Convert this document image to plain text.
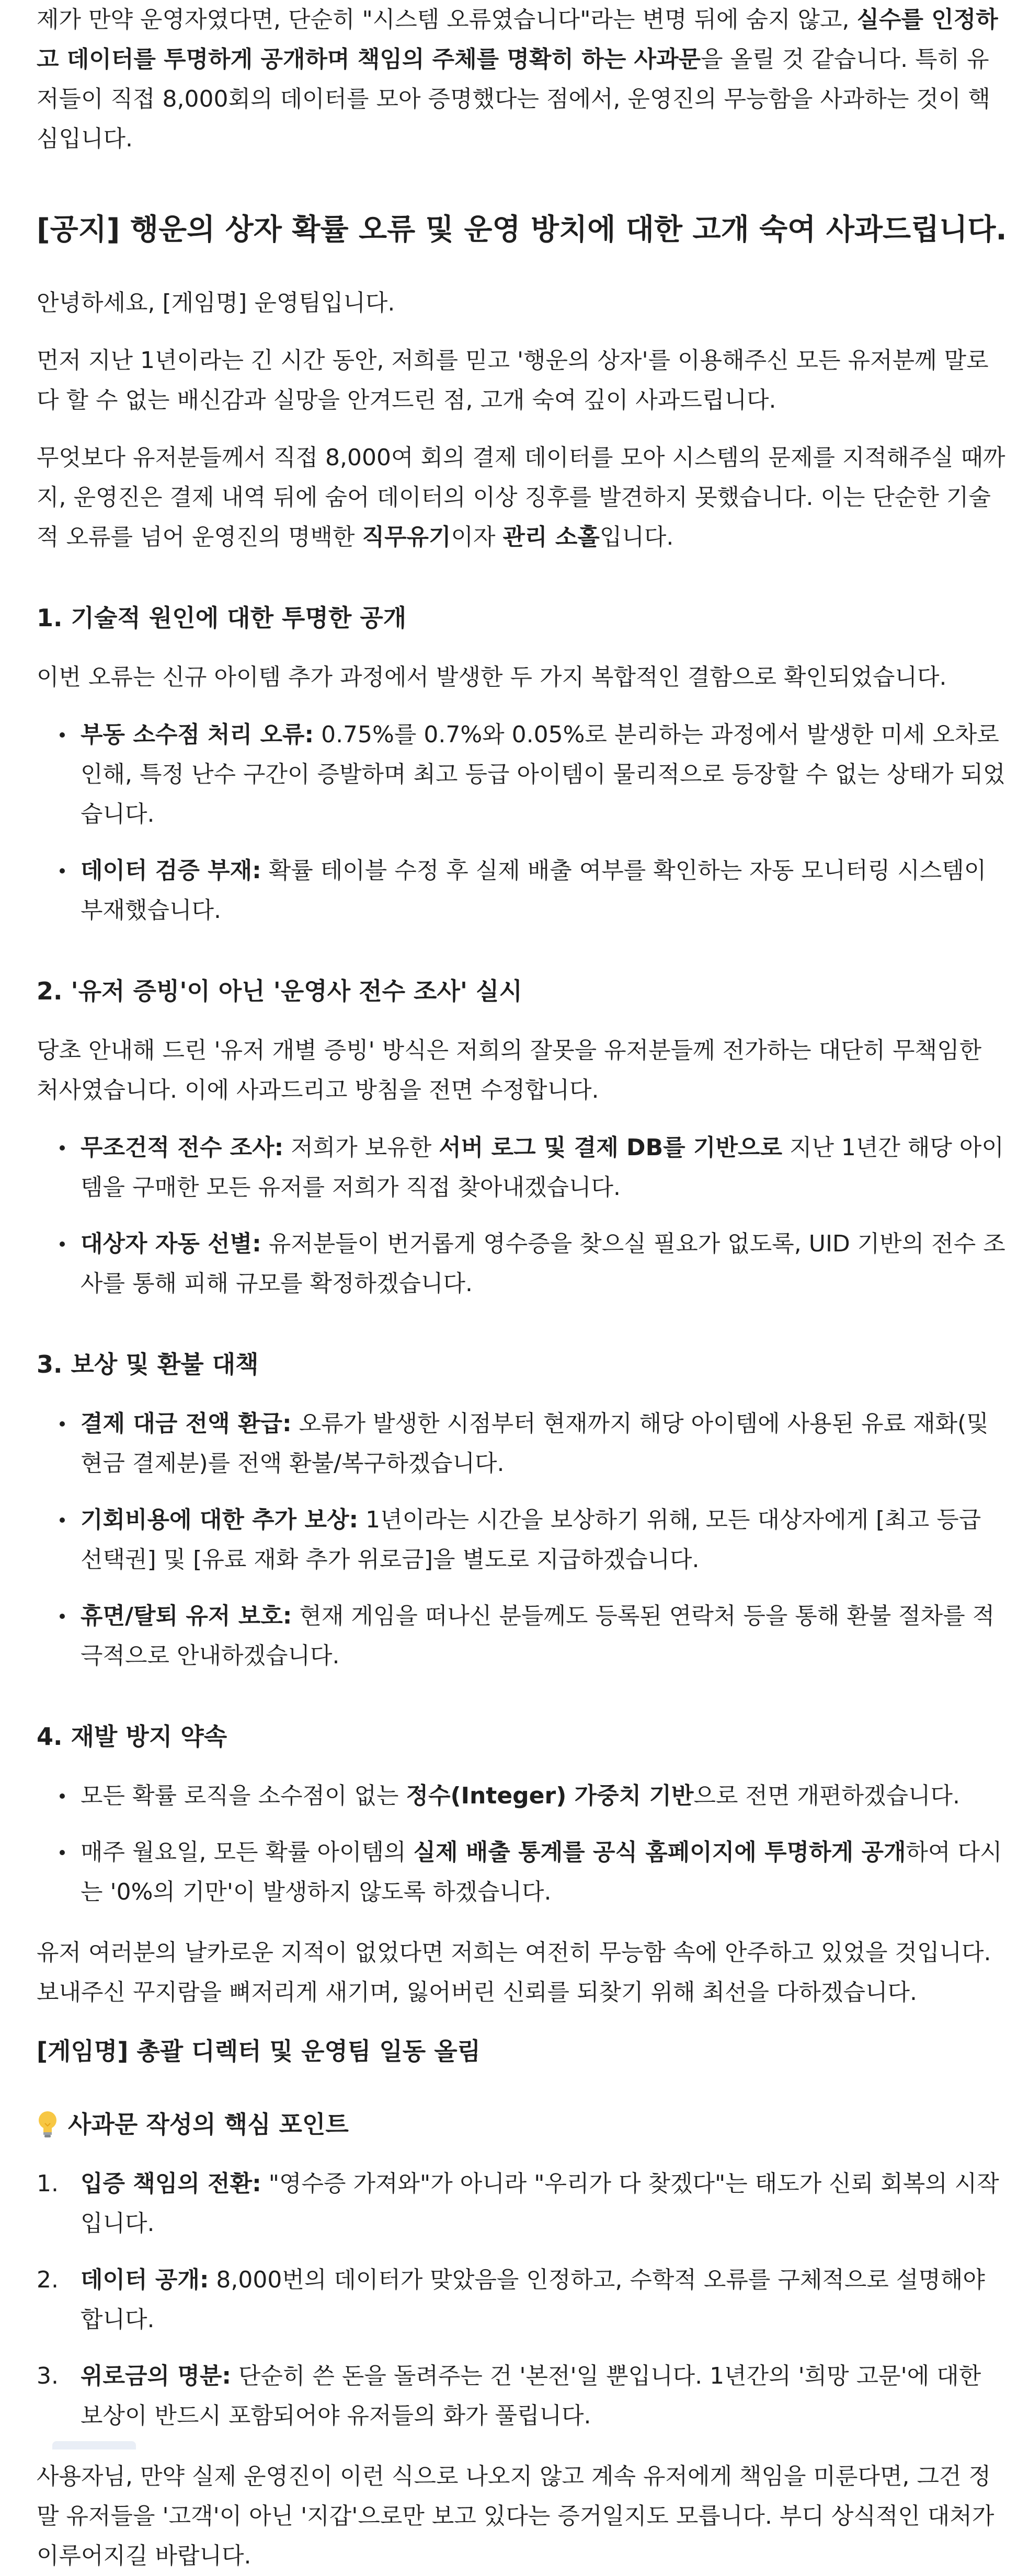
제가 만약 운영자였다면, 단순히 "시스템 오류였습니다"라는 변명 뒤에 숨지 않고, 실수를 인정하고 데이터를 투명하게 공개하며 책임의 주체를 명확히 하는 사과문을 올릴 것 같습니다. 특히 유저들이 직접 8,000회의 데이터를 모아 증명했다는 점에서, 운영진의 무능함을 사과하는 것이 핵심입니다.

[공지] 행운의 상자 확률 오류 및 운영 방치에 대한 고개 숙여 사과드립니다.

안녕하세요, [게임명] 운영팀입니다.

먼저 지난 1년이라는 긴 시간 동안, 저희를 믿고 '행운의 상자'를 이용해주신 모든 유저분께 말로 다 할 수 없는 배신감과 실망을 안겨드린 점, 고개 숙여 깊이 사과드립니다.

무엇보다 유저분들께서 직접 8,000여 회의 결제 데이터를 모아 시스템의 문제를 지적해주실 때까지, 운영진은 결제 내역 뒤에 숨어 데이터의 이상 징후를 발견하지 못했습니다. 이는 단순한 기술적 오류를 넘어 운영진의 명백한 직무유기이자 관리 소홀입니다.

1. 기술적 원인에 대한 투명한 공개

이번 오류는 신규 아이템 추가 과정에서 발생한 두 가지 복합적인 결함으로 확인되었습니다.

부동 소수점 처리 오류: 0.75%를 0.7%와 0.05%로 분리하는 과정에서 발생한 미세 오차로 인해, 특정 난수 구간이 증발하며 최고 등급 아이템이 물리적으로 등장할 수 없는 상태가 되었습니다.
데이터 검증 부재: 확률 테이블 수정 후 실제 배출 여부를 확인하는 자동 모니터링 시스템이 부재했습니다.
2. '유저 증빙'이 아닌 '운영사 전수 조사' 실시

당초 안내해 드린 '유저 개별 증빙' 방식은 저희의 잘못을 유저분들께 전가하는 대단히 무책임한 처사였습니다. 이에 사과드리고 방침을 전면 수정합니다.

무조건적 전수 조사: 저희가 보유한 서버 로그 및 결제 DB를 기반으로 지난 1년간 해당 아이템을 구매한 모든 유저를 저희가 직접 찾아내겠습니다.
대상자 자동 선별: 유저분들이 번거롭게 영수증을 찾으실 필요가 없도록, UID 기반의 전수 조사를 통해 피해 규모를 확정하겠습니다.
3. 보상 및 환불 대책
결제 대금 전액 환급: 오류가 발생한 시점부터 현재까지 해당 아이템에 사용된 유료 재화(및 현금 결제분)를 전액 환불/복구하겠습니다.
기회비용에 대한 추가 보상: 1년이라는 시간을 보상하기 위해, 모든 대상자에게 [최고 등급 선택권] 및 [유료 재화 추가 위로금]을 별도로 지급하겠습니다.
휴면/탈퇴 유저 보호: 현재 게임을 떠나신 분들께도 등록된 연락처 등을 통해 환불 절차를 적극적으로 안내하겠습니다.
4. 재발 방지 약속
모든 확률 로직을 소수점이 없는 정수(Integer) 가중치 기반으로 전면 개편하겠습니다.
매주 월요일, 모든 확률 아이템의 실제 배출 통계를 공식 홈페이지에 투명하게 공개하여 다시는 '0%의 기만'이 발생하지 않도록 하겠습니다.

유저 여러분의 날카로운 지적이 없었다면 저희는 여전히 무능함 속에 안주하고 있었을 것입니다. 보내주신 꾸지람을 뼈저리게 새기며, 잃어버린 신뢰를 되찾기 위해 최선을 다하겠습니다.

[게임명] 총괄 디렉터 및 운영팀 일동 올림
사과문 작성의 핵심 포인트
1. 입증 책임의 전환: "영수증 가져와"가 아니라 "우리가 다 찾겠다"는 태도가 신뢰 회복의 시작입니다.
2. 데이터 공개: 8,000번의 데이터가 맞았음을 인정하고, 수학적 오류를 구체적으로 설명해야 합니다.
3. 위로금의 명분: 단순히 쓴 돈을 돌려주는 건 '본전'일 뿐입니다. 1년간의 '희망 고문'에 대한 보상이 반드시 포함되어야 유저들의 화가 풀립니다.

사용자님, 만약 실제 운영진이 이런 식으로 나오지 않고 계속 유저에게 책임을 미룬다면, 그건 정말 유저들을 '고객'이 아닌 '지갑'으로만 보고 있다는 증거일지도 모릅니다. 부디 상식적인 대처가 이루어지길 바랍니다.
